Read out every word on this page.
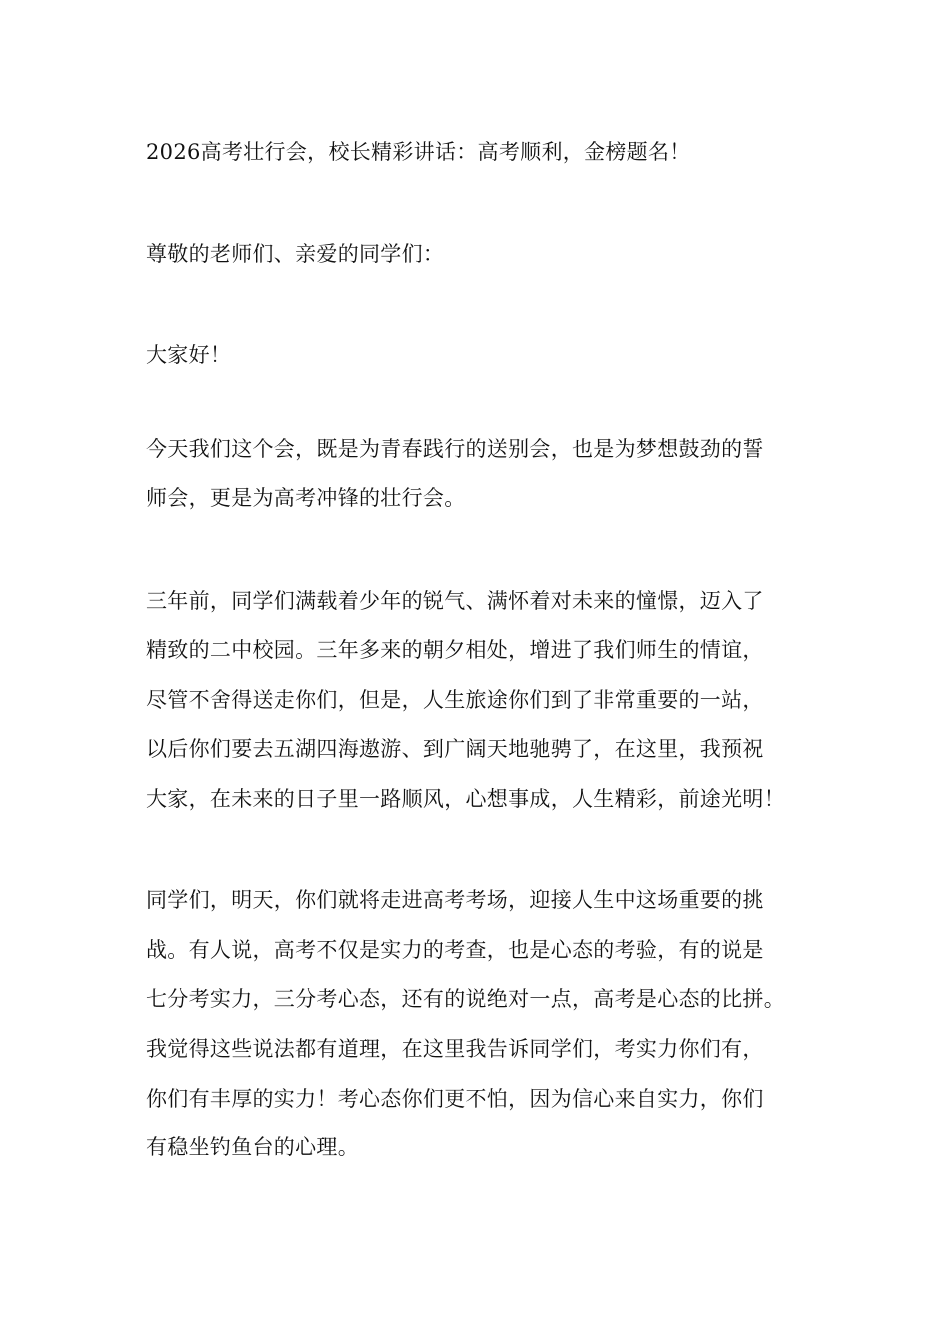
2026高考壮行会，校长精彩讲话：高考顺利，金榜题名！
尊敬的老师们、亲爱的同学们：
大家好！
今天我们这个会，既是为青春践行的送别会，也是为梦想鼓劲的誓
师会，更是为高考冲锋的壮行会。
三年前，同学们满载着少年的锐气、满怀着对未来的憧憬，迈入了
精致的二中校园。三年多来的朝夕相处，增进了我们师生的情谊，
尽管不舍得送走你们，但是，人生旅途你们到了非常重要的一站，
以后你们要去五湖四海遨游、到广阔天地驰骋了，在这里，我预祝
大家，在未来的日子里一路顺风，心想事成，人生精彩，前途光明！
同学们，明天，你们就将走进高考考场，迎接人生中这场重要的挑
战。有人说，高考不仅是实力的考查，也是心态的考验，有的说是
七分考实力，三分考心态，还有的说绝对一点，高考是心态的比拼。
我觉得这些说法都有道理，在这里我告诉同学们，考实力你们有，
你们有丰厚的实力！考心态你们更不怕，因为信心来自实力，你们
有稳坐钓鱼台的心理。
